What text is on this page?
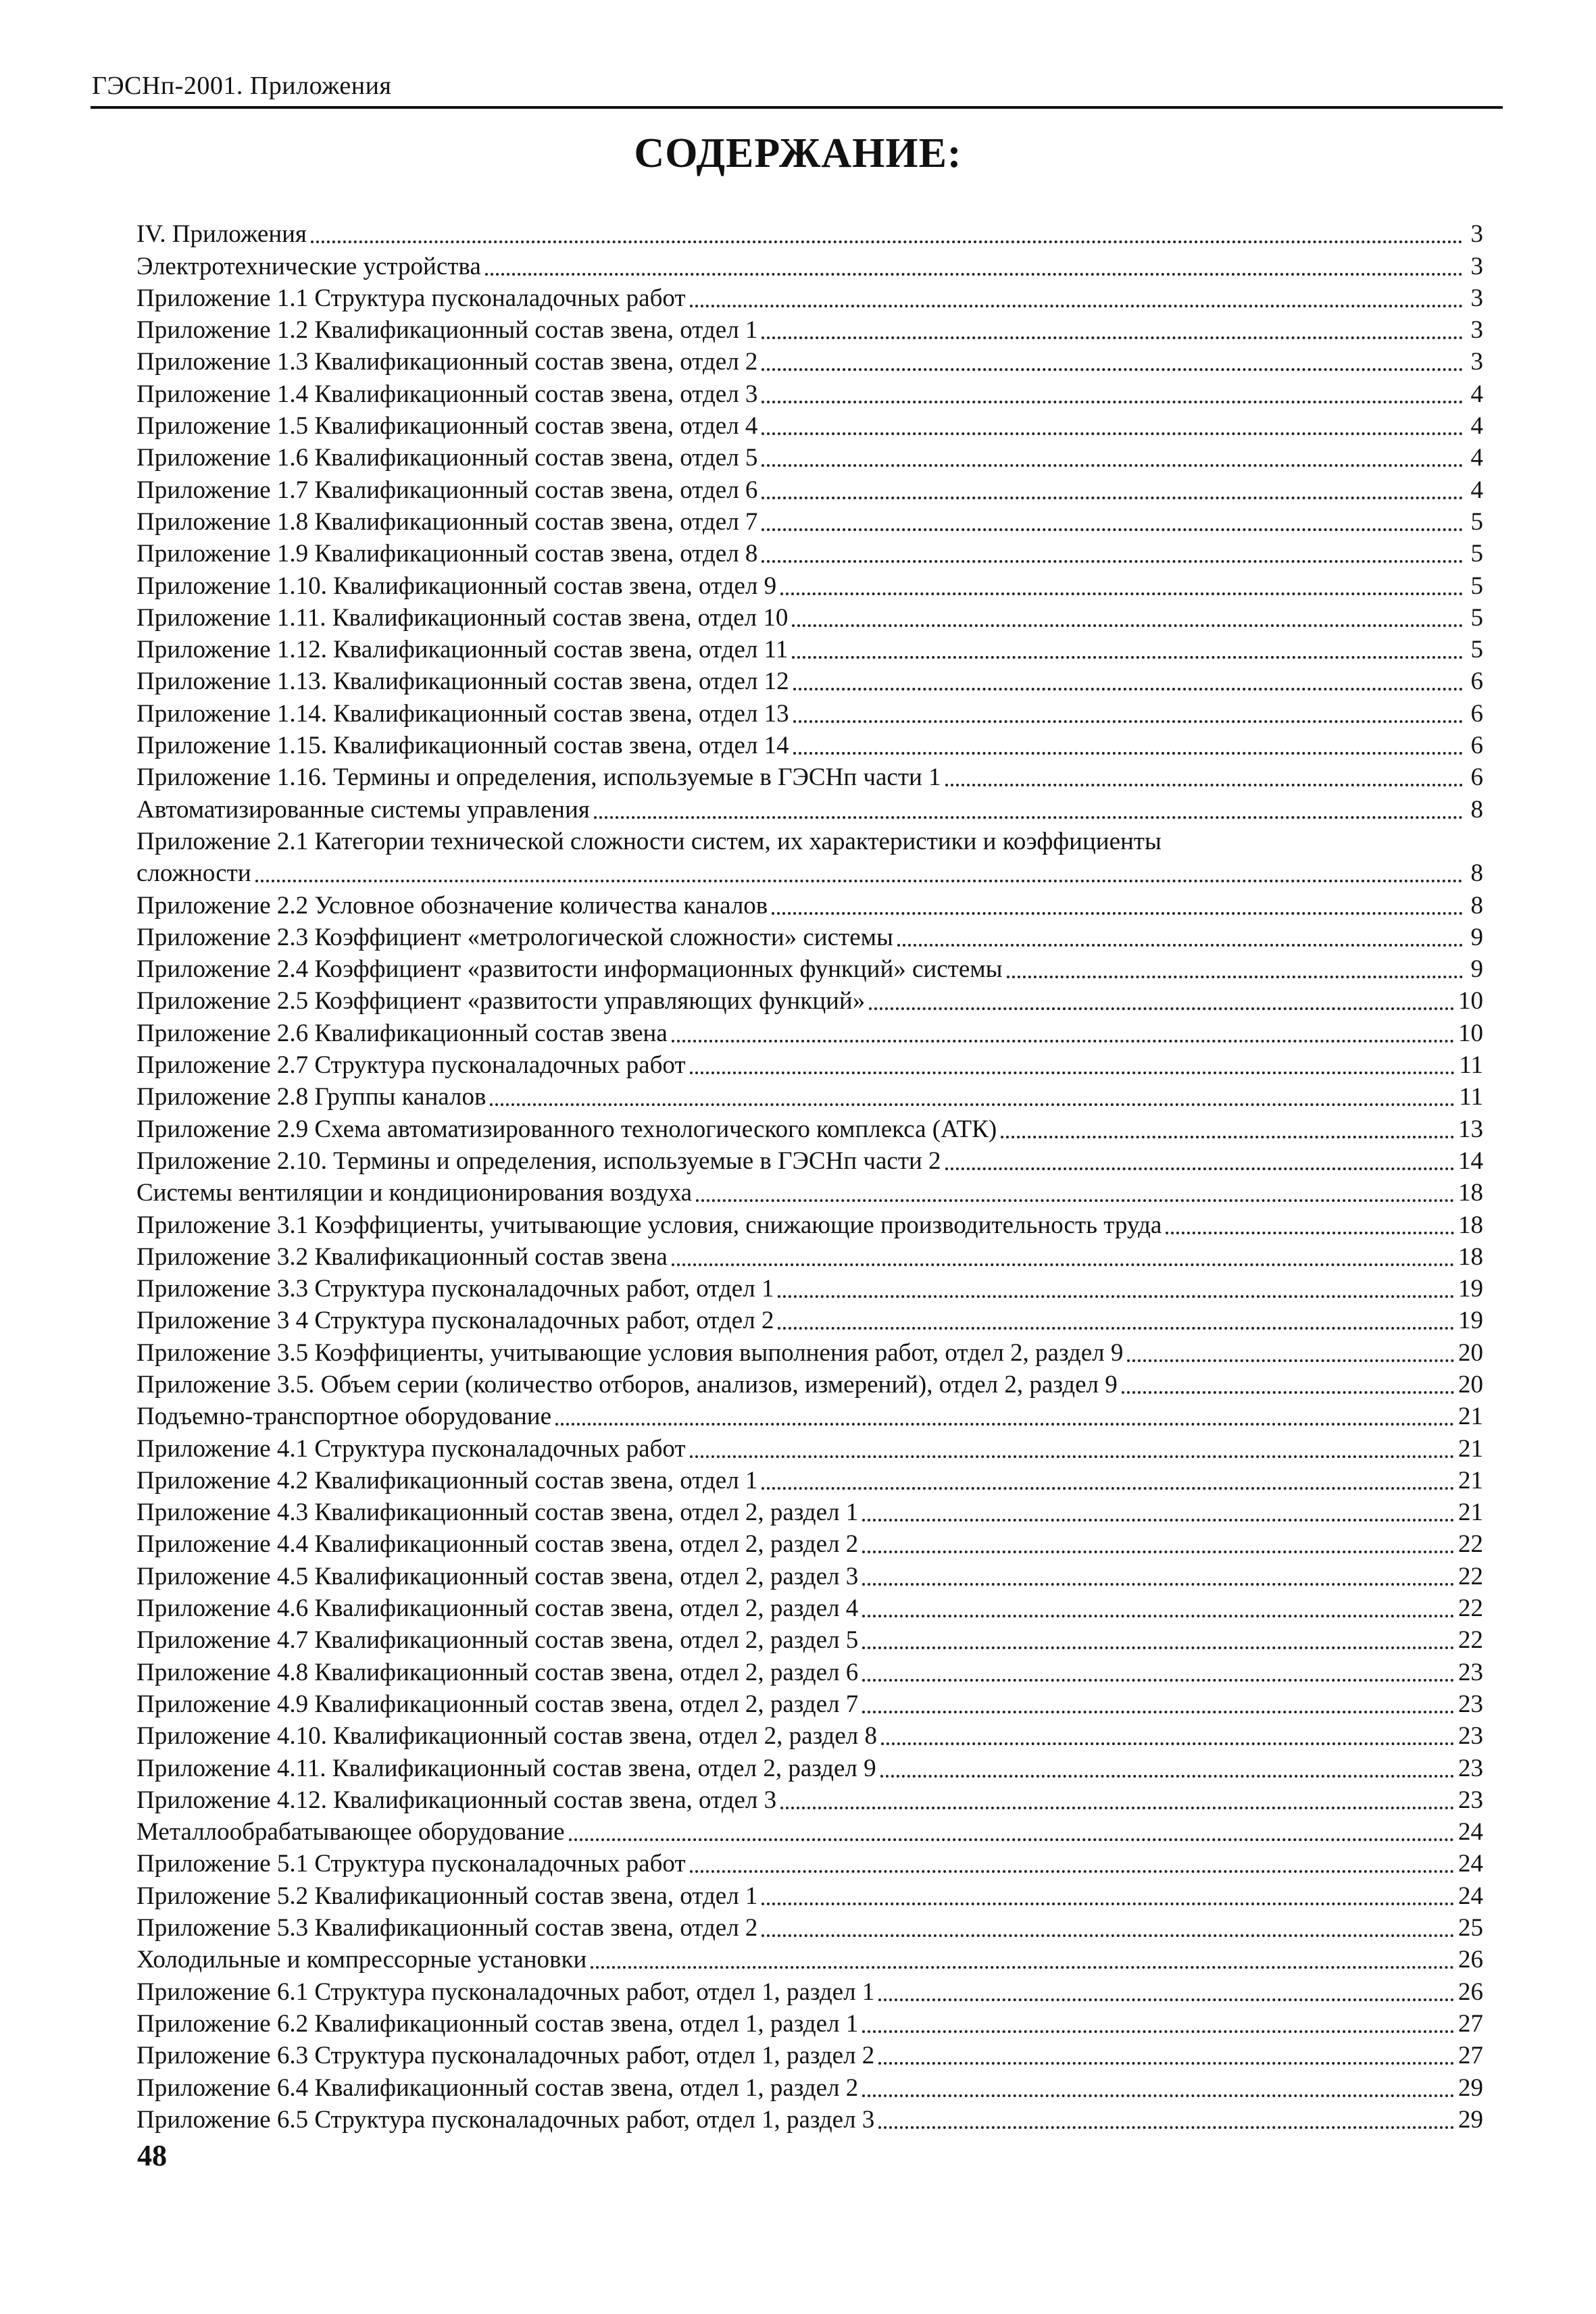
ГЭСНп-2001. Приложения
СОДЕРЖАНИЕ:
IV. Приложения	3
Электротехнические устройства	3
Приложение 1.1 Структура пусконаладочных работ	3
Приложение 1.2 Квалификационный состав звена, отдел 1	3
Приложение 1.3 Квалификационный состав звена, отдел 2	3
Приложение 1.4 Квалификационный состав звена, отдел 3	4
Приложение 1.5 Квалификационный состав звена, отдел 4	4
Приложение 1.6 Квалификационный состав звена, отдел 5	4
Приложение 1.7 Квалификационный состав звена, отдел 6	4
Приложение 1.8 Квалификационный состав звена, отдел 7	5
Приложение 1.9 Квалификационный состав звена, отдел 8	5
Приложение 1.10. Квалификационный состав звена, отдел 9	5
Приложение 1.11. Квалификационный состав звена, отдел 10	5
Приложение 1.12. Квалификационный состав звена, отдел 11	5
Приложение 1.13. Квалификационный состав звена, отдел 12	6
Приложение 1.14. Квалификационный состав звена, отдел 13	6
Приложение 1.15. Квалификационный состав звена, отдел 14	6
Приложение 1.16. Термины и определения, используемые в ГЭСНп части 1	6
Автоматизированные системы управления	8
Приложение 2.1 Категории технической сложности систем, их характеристики и коэффициенты
сложности	8
Приложение 2.2 Условное обозначение количества каналов	8
Приложение 2.3 Коэффициент «метрологической сложности» системы	9
Приложение 2.4 Коэффициент «развитости информационных функций» системы	9
Приложение 2.5 Коэффициент «развитости управляющих функций»	10
Приложение 2.6 Квалификационный состав звена	10
Приложение 2.7 Структура пусконаладочных работ	11
Приложение 2.8 Группы каналов	11
Приложение 2.9 Схема автоматизированного технологического комплекса (АТК)	13
Приложение 2.10. Термины и определения, используемые в ГЭСНп части 2	14
Системы вентиляции и кондиционирования воздуха	18
Приложение 3.1 Коэффициенты, учитывающие условия, снижающие производительность труда	18
Приложение 3.2 Квалификационный состав звена	18
Приложение 3.3 Структура пусконаладочных работ, отдел 1	19
Приложение 3 4 Структура пусконаладочных работ, отдел 2	19
Приложение 3.5 Коэффициенты, учитывающие условия выполнения работ, отдел 2, раздел 9	20
Приложение 3.5. Объем серии (количество отборов, анализов, измерений), отдел 2, раздел 9	20
Подъемно-транспортное оборудование	21
Приложение 4.1 Структура пусконаладочных работ	21
Приложение 4.2 Квалификационный состав звена, отдел 1	21
Приложение 4.3 Квалификационный состав звена, отдел 2, раздел 1	21
Приложение 4.4 Квалификационный состав звена, отдел 2, раздел 2	22
Приложение 4.5 Квалификационный состав звена, отдел 2, раздел 3	22
Приложение 4.6 Квалификационный состав звена, отдел 2, раздел 4	22
Приложение 4.7 Квалификационный состав звена, отдел 2, раздел 5	22
Приложение 4.8 Квалификационный состав звена, отдел 2, раздел 6	23
Приложение 4.9 Квалификационный состав звена, отдел 2, раздел 7	23
Приложение 4.10. Квалификационный состав звена, отдел 2, раздел 8	23
Приложение 4.11. Квалификационный состав звена, отдел 2, раздел 9	23
Приложение 4.12. Квалификационный состав звена, отдел 3	23
Металлообрабатывающее оборудование	24
Приложение 5.1 Структура пусконаладочных работ	24
Приложение 5.2 Квалификационный состав звена, отдел 1	24
Приложение 5.3 Квалификационный состав звена, отдел 2	25
Холодильные и компрессорные установки	26
Приложение 6.1 Структура пусконаладочных работ, отдел 1, раздел 1	26
Приложение 6.2 Квалификационный состав звена, отдел 1, раздел 1	27
Приложение 6.3 Структура пусконаладочных работ, отдел 1, раздел 2	27
Приложение 6.4 Квалификационный состав звена, отдел 1, раздел 2	29
Приложение 6.5 Структура пусконаладочных работ, отдел 1, раздел 3	29
48
